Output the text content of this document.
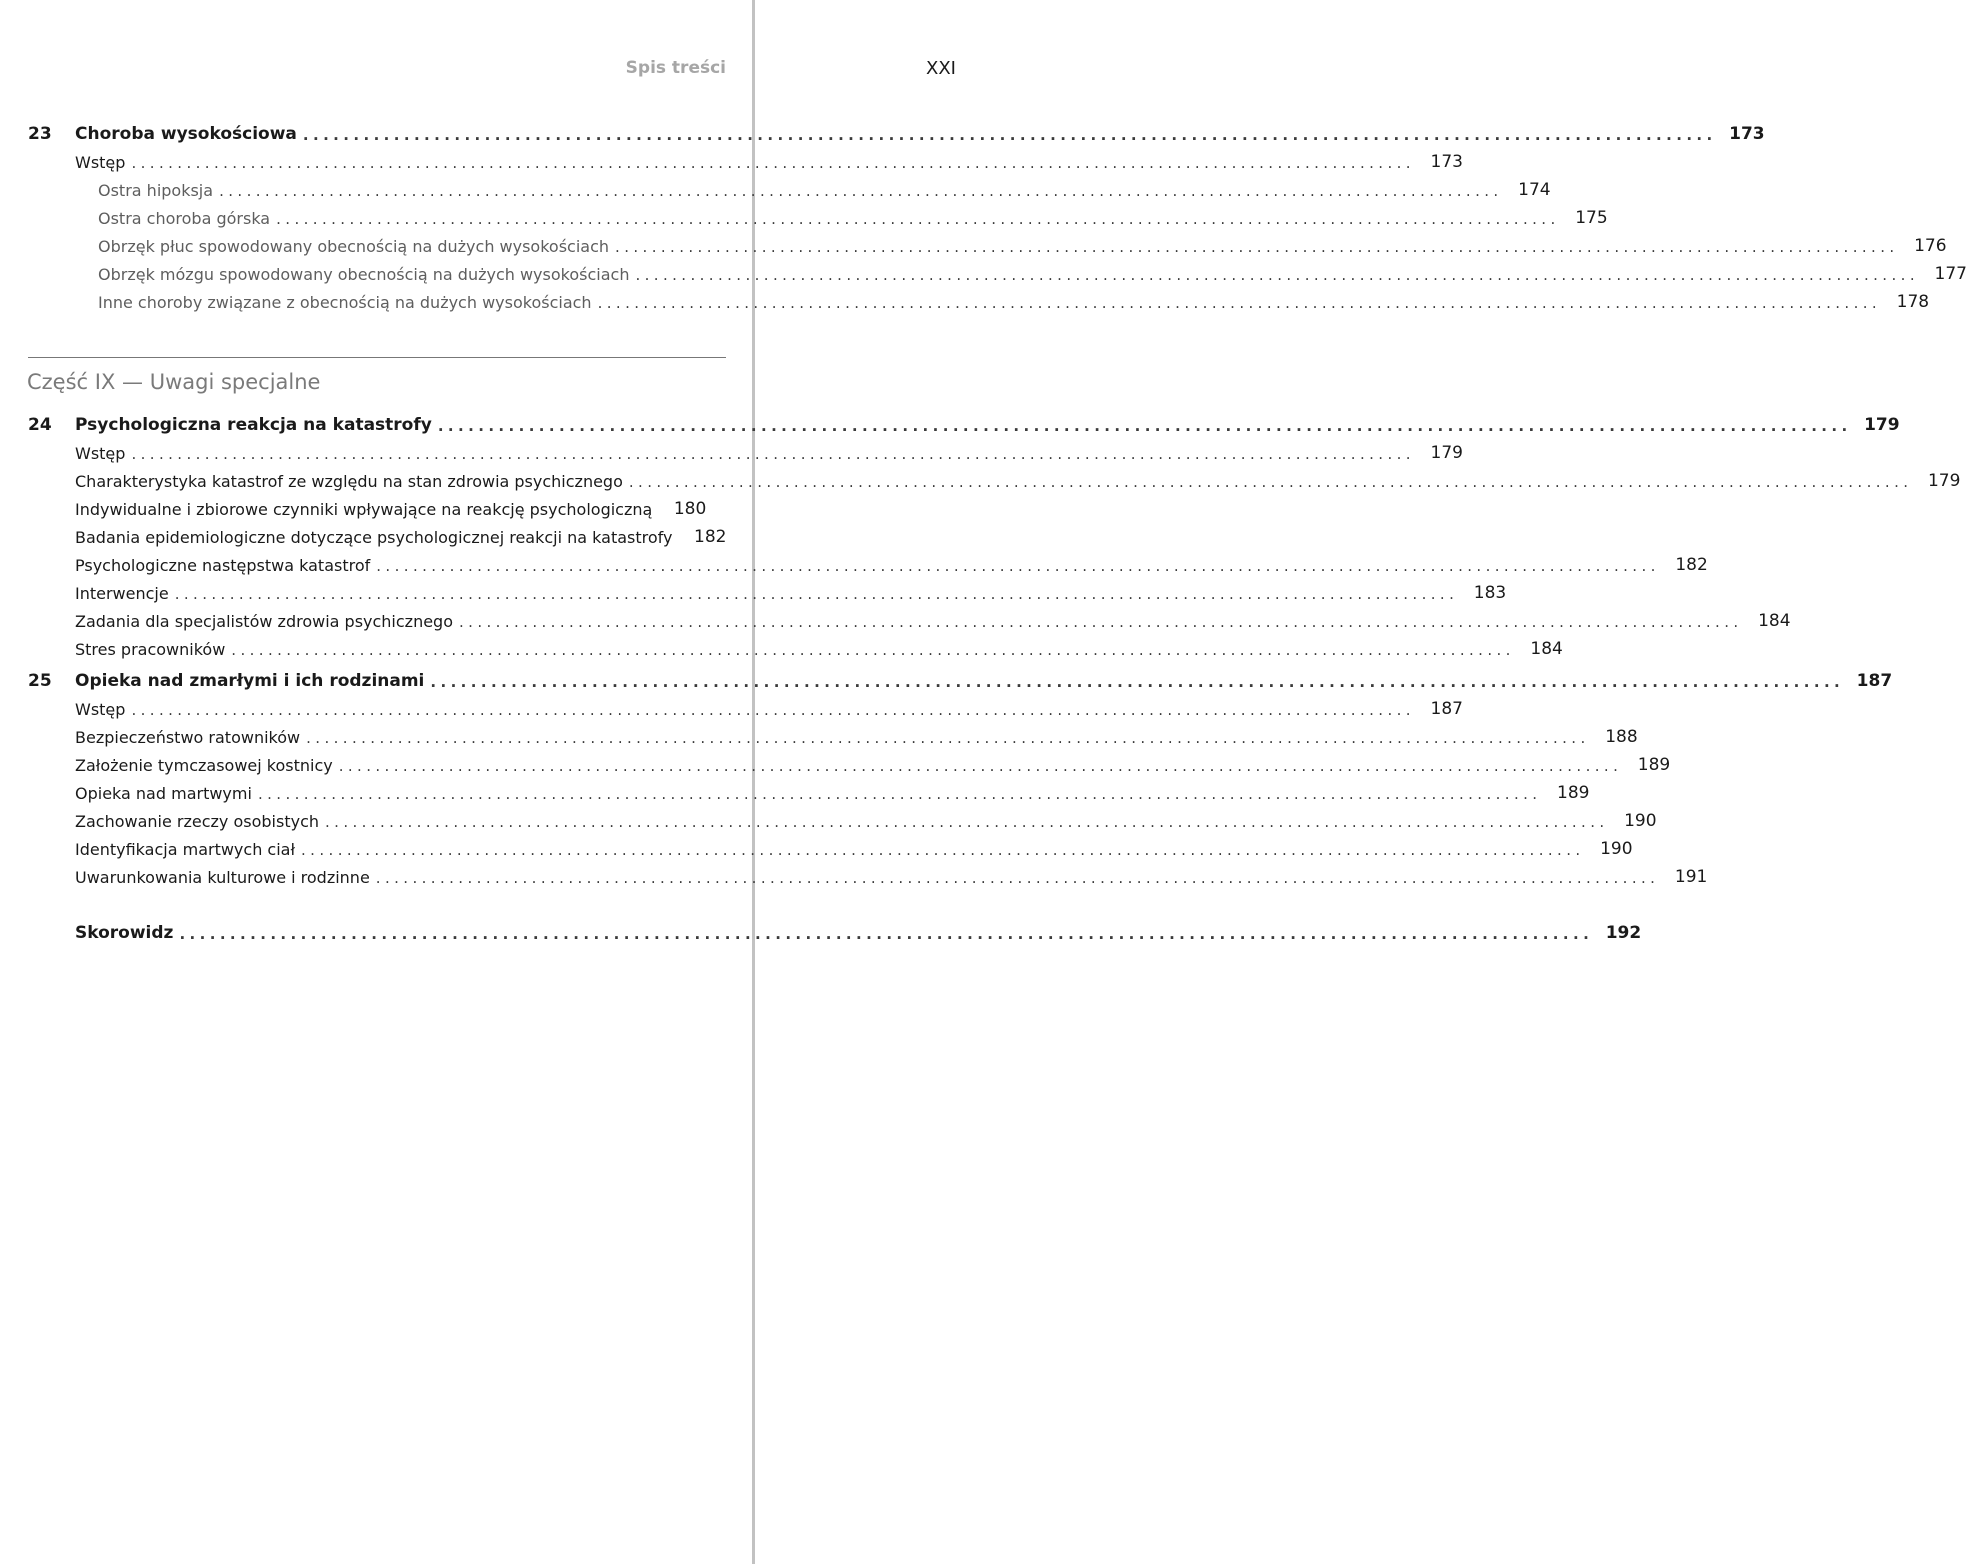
Spis treści	XXI
23 Choroba wysokościowa ............................................................................................................................................ 173
Wstęp ............................................................................................................................................ 173
Ostra hipoksja ............................................................................................................................................ 174
Ostra choroba górska ............................................................................................................................................ 175
Obrzęk płuc spowodowany obecnością na dużych wysokościach ............................................................................................................................................ 176
Obrzęk mózgu spowodowany obecnością na dużych wysokościach ............................................................................................................................................ 177
Inne choroby związane z obecnością na dużych wysokościach ............................................................................................................................................ 178
Część IX — Uwagi specjalne
24 Psychologiczna reakcja na katastrofy ............................................................................................................................................ 179
Wstęp ............................................................................................................................................ 179
Charakterystyka katastrof ze względu na stan zdrowia psychicznego ............................................................................................................................................ 179
Indywidualne i zbiorowe czynniki wpływające na reakcję psychologiczną	180
Badania epidemiologiczne dotyczące psychologicznej reakcji na katastrofy	182
Psychologiczne następstwa katastrof ............................................................................................................................................ 182
Interwencje ............................................................................................................................................ 183
Zadania dla specjalistów zdrowia psychicznego ............................................................................................................................................ 184
Stres pracowników ............................................................................................................................................ 184
25 Opieka nad zmarłymi i ich rodzinami ............................................................................................................................................ 187
Wstęp ............................................................................................................................................ 187
Bezpieczeństwo ratowników ............................................................................................................................................ 188
Założenie tymczasowej kostnicy ............................................................................................................................................ 189
Opieka nad martwymi ............................................................................................................................................ 189
Zachowanie rzeczy osobistych ............................................................................................................................................ 190
Identyfikacja martwych ciał ............................................................................................................................................ 190
Uwarunkowania kulturowe i rodzinne ............................................................................................................................................ 191
Skorowidz ............................................................................................................................................ 192
